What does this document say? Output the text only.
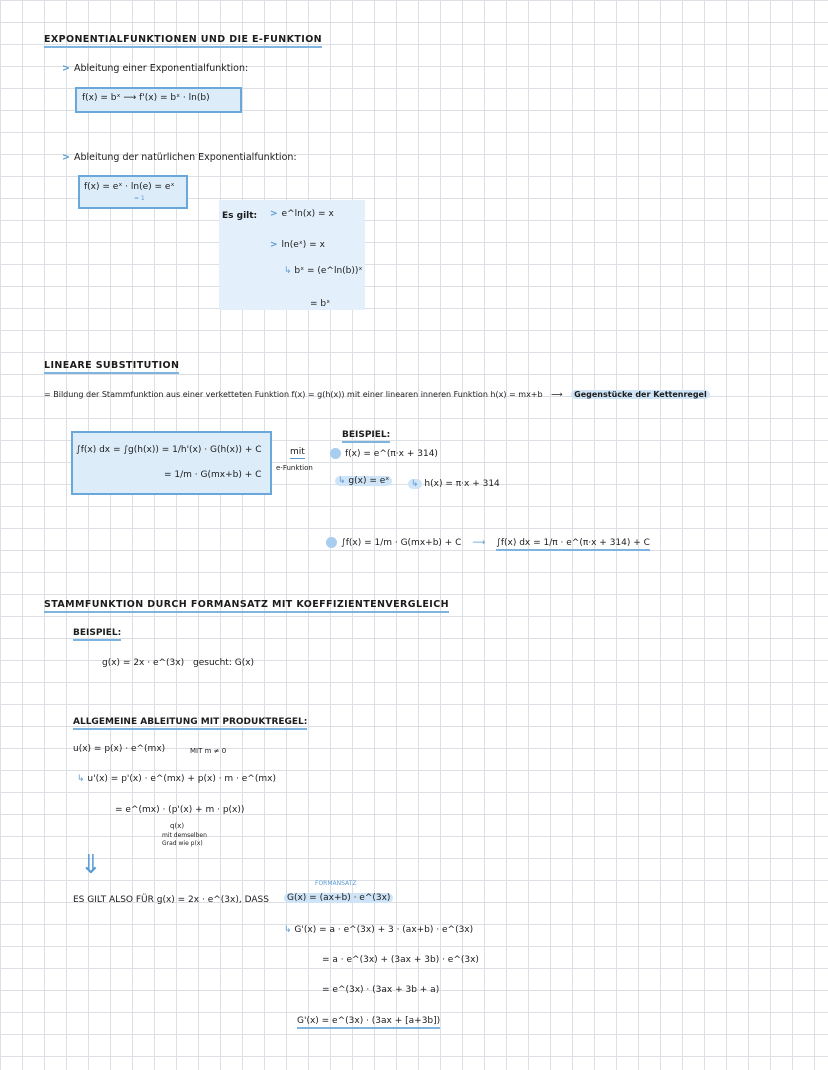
EXPONENTIALFUNKTIONEN UND DIE E-FUNKTION
> Ableitung einer Exponentialfunktion:
f(x) = bˣ ⟶ f'(x) = bˣ · ln(b)
> Ableitung der natürlichen Exponentialfunktion:
f(x) = eˣ · ln(e) = eˣ
= 1
Es gilt: > e^ln(x) = x
> ln(eˣ) = x
↳ bˣ = (e^ln(b))ˣ
= bˣ
LINEARE SUBSTITUTION
= Bildung der Stammfunktion aus einer verketteten Funktion f(x) = g(h(x)) mit einer linearen inneren Funktion h(x) = mx+b ⟶ Gegenstücke der Kettenregel
∫f(x) dx = ∫g(h(x)) = 1/h'(x) · G(h(x)) + C
= 1/m · G(mx+b) + C
mit
e-Funktion
BEISPIEL:
f(x) = e^(π·x + 314)
↳ g(x) = eˣ	↳ h(x) = π·x + 314
∫f(x) = 1/m · G(mx+b) + C ⟶ ∫f(x) dx = 1/π · e^(π·x + 314) + C
STAMMFUNKTION DURCH FORMANSATZ MIT KOEFFIZIENTENVERGLEICH
BEISPIEL:
g(x) = 2x · e^(3x) gesucht: G(x)
ALLGEMEINE ABLEITUNG MIT PRODUKTREGEL:
u(x) = p(x) · e^(mx)	MIT m ≠ 0
↳ u'(x) = p'(x) · e^(mx) + p(x) · m · e^(mx)
= e^(mx) · (p'(x) + m · p(x))
q(x)
mit demselben
Grad wie p(x)
⇓
ES GILT ALSO FÜR g(x) = 2x · e^(3x), DASS
FORMANSATZ
G(x) = (ax+b) · e^(3x)
↳ G'(x) = a · e^(3x) + 3 · (ax+b) · e^(3x)
= a · e^(3x) + (3ax + 3b) · e^(3x)
= e^(3x) · (3ax + 3b + a)
G'(x) = e^(3x) · (3ax + [a+3b])
